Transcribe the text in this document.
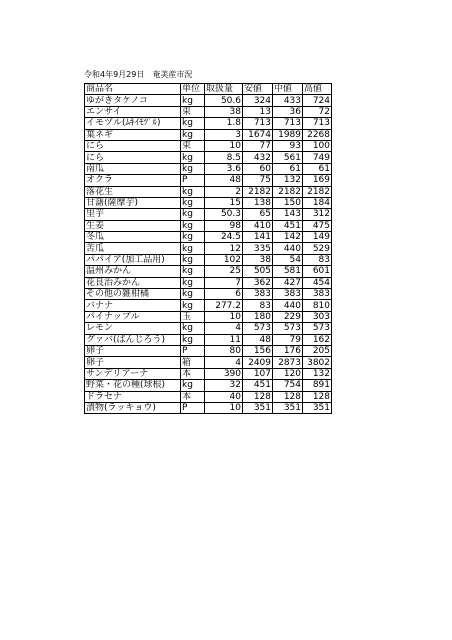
令和4年9月29日　奄美産市況
商品名	単位	取扱量	安値	中値	高値
ゆがきタケノコ	kg	50.6	324	433	724
エンサイ	束	38	13	36	72
イモヅル(ﾑｷｲﾓﾂﾞﾙ)	kg	1.8	713	713	713
葉ネギ	kg	3	1674	1989	2268
にら	束	10	77	93	100
にら	kg	8.5	432	561	749
南瓜	kg	3.6	60	61	61
オクラ	P	48	75	132	169
落花生	kg	2	2182	2182	2182
甘藷(薩摩芋)	kg	15	138	150	184
里芋	kg	50.3	65	143	312
生姜	kg	98	410	451	475
冬瓜	kg	24.5	141	142	149
苦瓜	kg	12	335	440	529
パパイア(加工品用)	kg	102	38	54	83
温州みかん	kg	25	505	581	601
花良治みかん	kg	7	362	427	454
その他の雑柑橘	kg	6	383	383	383
バナナ	kg	277.2	83	440	810
パイナップル	玉	10	180	229	303
レモン	kg	4	573	573	573
グァバ(ばんじろう)	kg	11	48	79	162
卵子	P	80	156	176	205
卵子	箱	4	2409	2873	3802
サンデリアーナ	本	390	107	120	132
野菜・花の種(球根)	kg	32	451	754	891
ドラセナ	本	40	128	128	128
漬物(ラッキョウ)	P	10	351	351	351
